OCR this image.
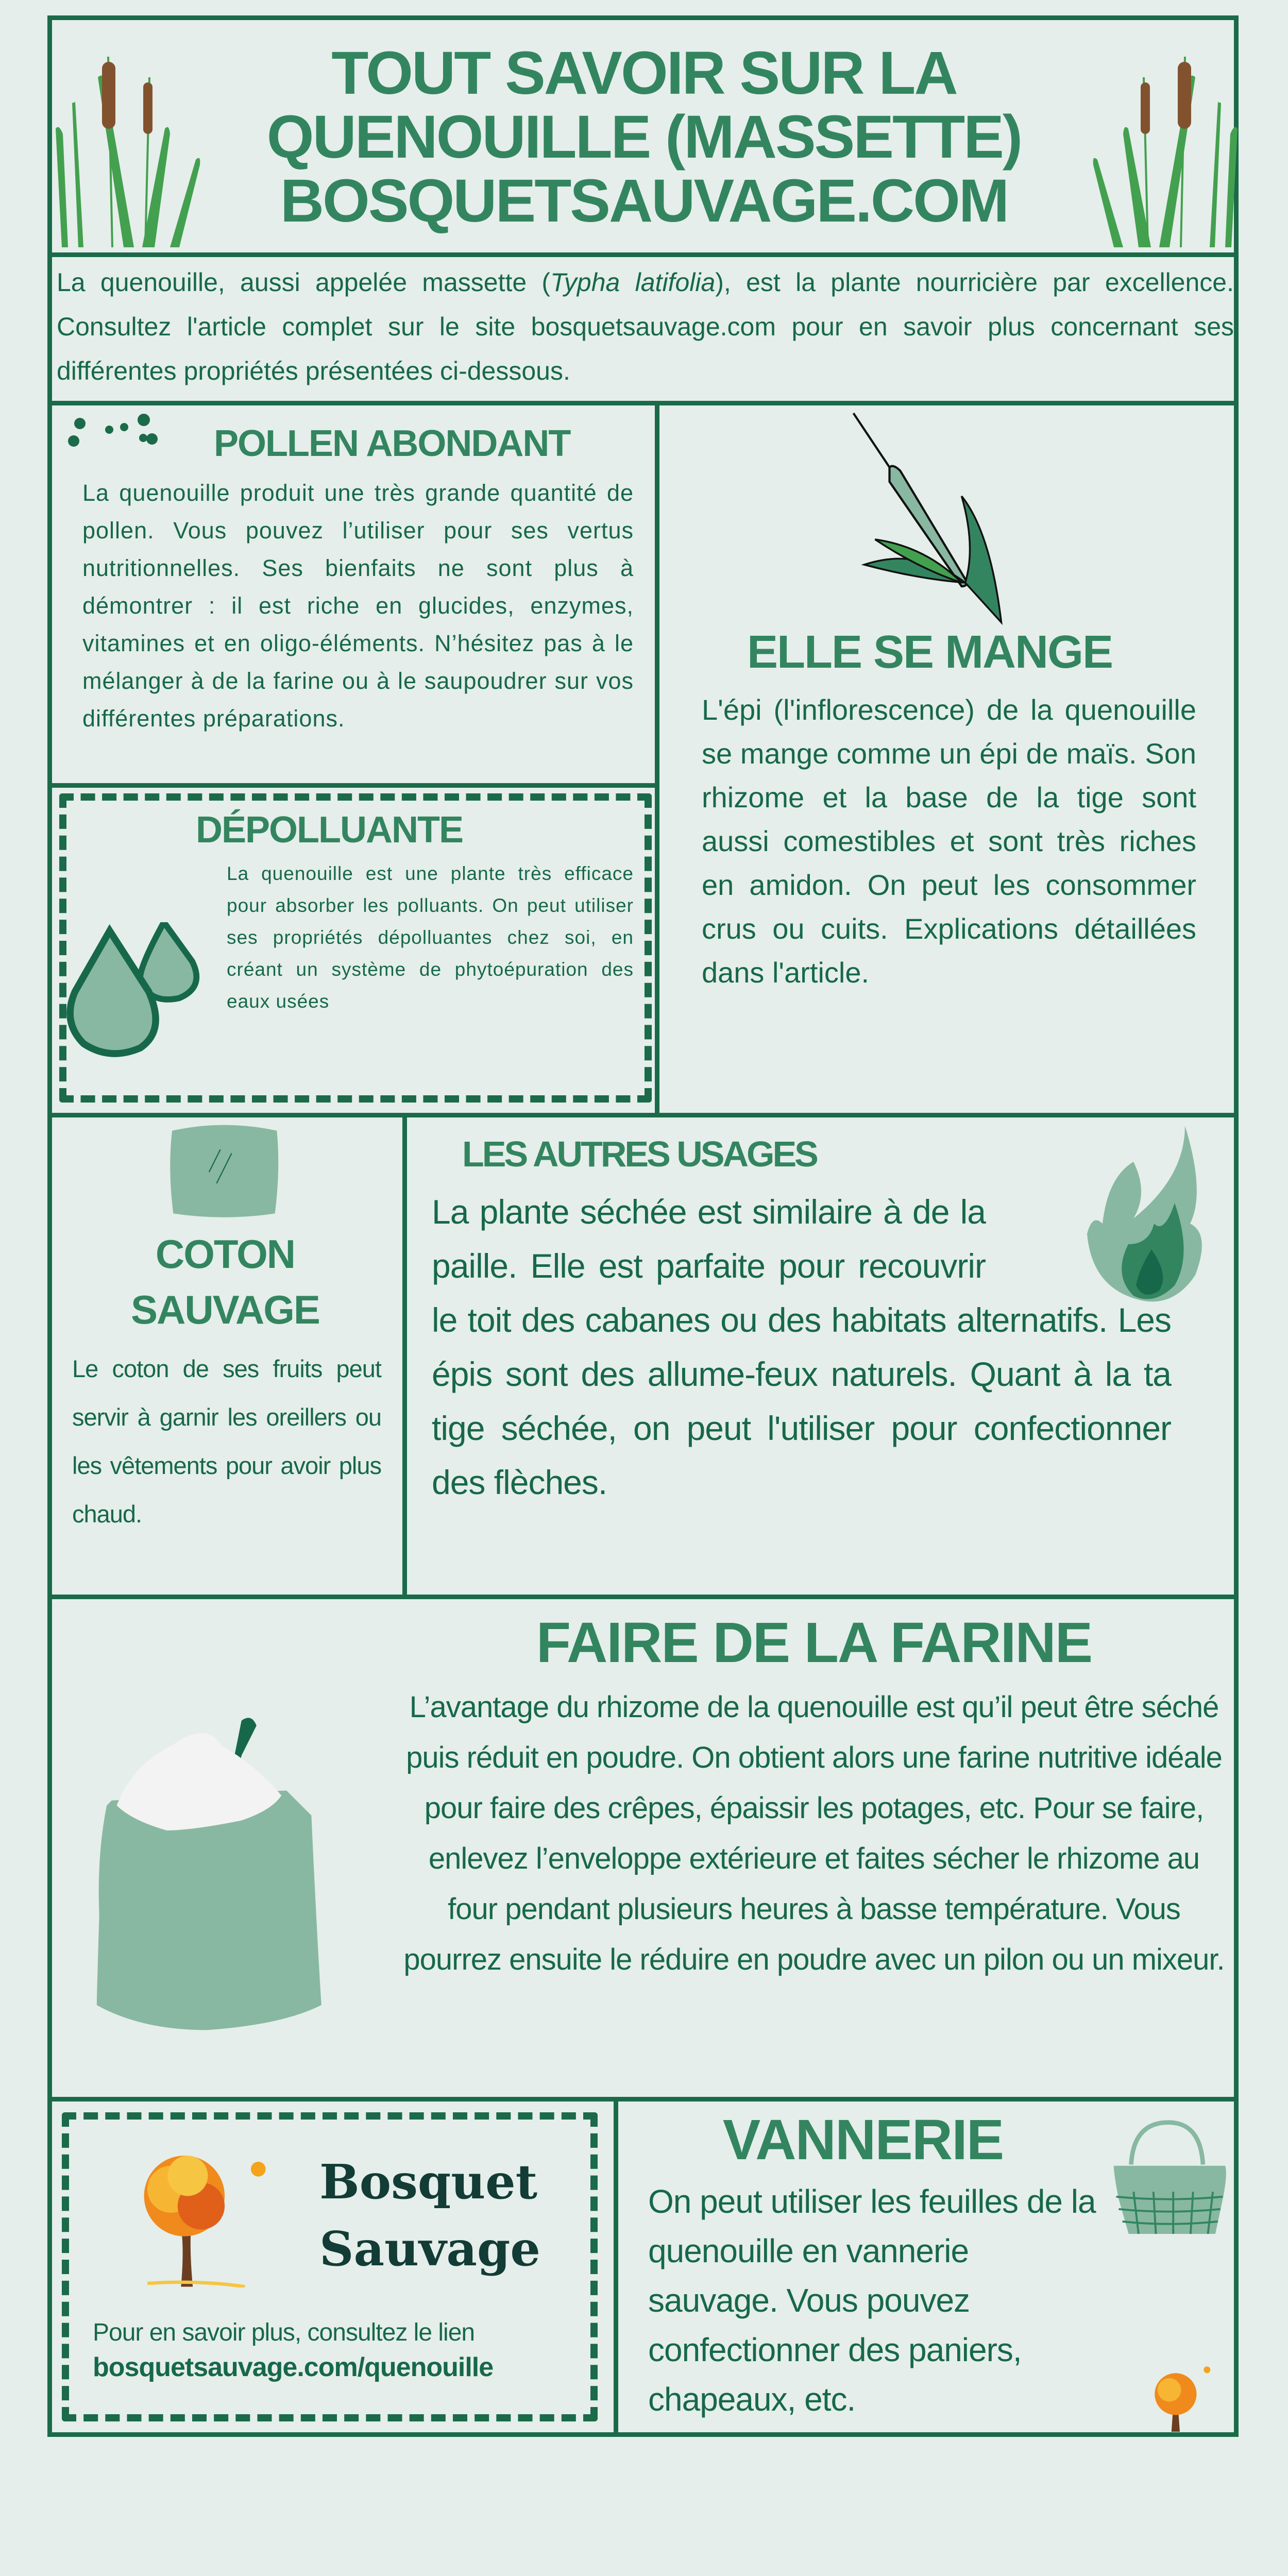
TOUT SAVOIR SUR LA
QUENOUILLE (MASSETTE)
BOSQUETSAUVAGE.COM
La quenouille, aussi appelée massette (Typha latifolia), est la plante nourricière par excellence. Consultez l'article complet sur le site bosquetsauvage.com pour en savoir plus concernant ses différentes propriétés présentées ci-dessous.
POLLEN ABONDANT
La quenouille produit une très grande quantité de pollen. Vous pouvez l’utiliser pour ses vertus nutritionnelles. Ses bienfaits ne sont plus à démontrer : il est riche en glucides, enzymes, vitamines et en oligo-éléments. N’hésitez pas à le mélanger à de la farine ou à le saupoudrer sur vos différentes préparations.
DÉPOLLUANTE
La quenouille est une plante très efficace pour absorber les polluants. On peut utiliser ses propriétés dépolluantes chez soi, en créant un système de phytoépuration des eaux usées
ELLE SE MANGE
L'épi (l'inflorescence) de la quenouille se mange comme un épi de maïs. Son rhizome et la base de la tige sont aussi comestibles et sont très riches en amidon. On peut les consommer crus ou cuits. Explications détaillées dans l'article.
COTON
SAUVAGE
Le coton de ses fruits peut servir à garnir les oreillers ou les vêtements pour avoir plus chaud.
LES AUTRES USAGES
La plante séchée est similaire à de la paille. Elle est parfaite pour recouvrir le toit des cabanes ou des habitats alternatifs. Les épis sont des allume-feux naturels. Quant à la ta tige séchée, on peut l'utiliser pour confectionner des flèches.
FAIRE DE LA FARINE
L’avantage du rhizome de la quenouille est qu’il peut être séché puis réduit en poudre. On obtient alors une farine nutritive idéale pour faire des crêpes, épaissir les potages, etc. Pour se faire, enlevez l’enveloppe extérieure et faites sécher le rhizome au four pendant plusieurs heures à basse température. Vous pourrez ensuite le réduire en poudre avec un pilon ou un mixeur.
Bosquet
Sauvage
Pour en savoir plus, consultez le lien
bosquetsauvage.com/quenouille
VANNERIE
On peut utiliser les feuilles de la quenouille en vannerie sauvage. Vous pouvez confectionner des paniers, chapeaux, etc.
